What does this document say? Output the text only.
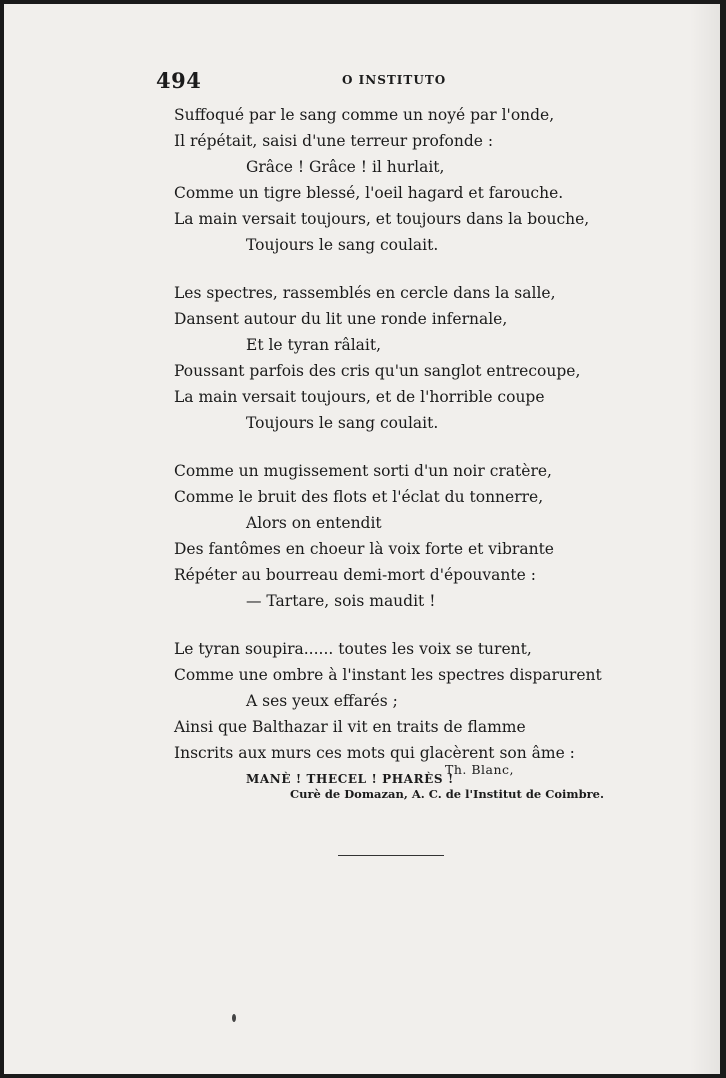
494	O INSTITUTO
Suffoqué par le sang comme un noyé par l'onde,
Il répétait, saisi d'une terreur profonde :
Grâce ! Grâce ! il hurlait,
Comme un tigre blessé, l'oeil hagard et farouche.
La main versait toujours, et toujours dans la bouche,
Toujours le sang coulait.
Les spectres, rassemblés en cercle dans la salle,
Dansent autour du lit une ronde infernale,
Et le tyran râlait,
Poussant parfois des cris qu'un sanglot entrecoupe,
La main versait toujours, et de l'horrible coupe
Toujours le sang coulait.
Comme un mugissement sorti d'un noir cratère,
Comme le bruit des flots et l'éclat du tonnerre,
Alors on entendit
Des fantômes en choeur là voix forte et vibrante
Répéter au bourreau demi-mort d'épouvante :
— Tartare, sois maudit !
Le tyran soupira...... toutes les voix se turent,
Comme une ombre à l'instant les spectres disparurent
A ses yeux effarés ;
Ainsi que Balthazar il vit en traits de flamme
Inscrits aux murs ces mots qui glacèrent son âme :
MANÈ ! THECEL ! PHARÈS !
Th. Blanc,
Curè de Domazan, A. C. de l'Institut de Coimbre.
